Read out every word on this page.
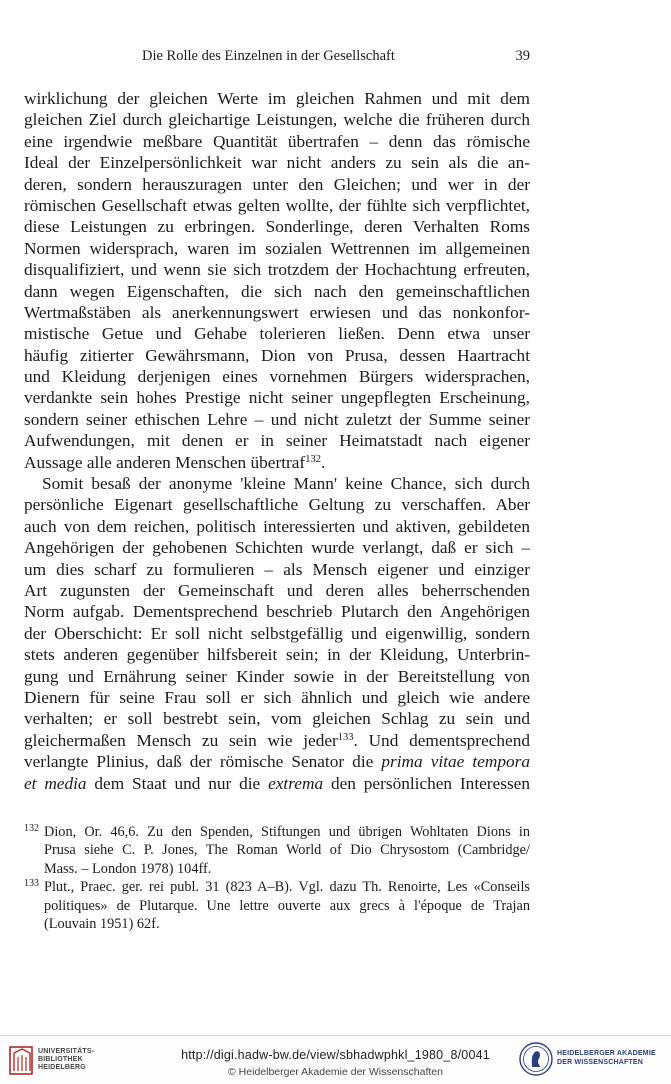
Die Rolle des Einzelnen in der Gesellschaft	39
wirklichung der gleichen Werte im gleichen Rahmen und mit dem
gleichen Ziel durch gleichartige Leistungen, welche die früheren durch
eine irgendwie meßbare Quantität übertrafen – denn das römische
Ideal der Einzelpersönlichkeit war nicht anders zu sein als die an-
deren, sondern herauszuragen unter den Gleichen; und wer in der
römischen Gesellschaft etwas gelten wollte, der fühlte sich verpflichtet,
diese Leistungen zu erbringen. Sonderlinge, deren Verhalten Roms
Normen widersprach, waren im sozialen Wettrennen im allgemeinen
disqualifiziert, und wenn sie sich trotzdem der Hochachtung erfreuten,
dann wegen Eigenschaften, die sich nach den gemeinschaftlichen
Wertmaßstäben als anerkennungswert erwiesen und das nonkonfor-
mistische Getue und Gehabe tolerieren ließen. Denn etwa unser
häufig zitierter Gewährsmann, Dion von Prusa, dessen Haartracht
und Kleidung derjenigen eines vornehmen Bürgers widersprachen,
verdankte sein hohes Prestige nicht seiner ungepflegten Erscheinung,
sondern seiner ethischen Lehre – und nicht zuletzt der Summe seiner
Aufwendungen, mit denen er in seiner Heimatstadt nach eigener
Aussage alle anderen Menschen übertraf$^{132}$.
Somit besaß der anonyme 'kleine Mann' keine Chance, sich durch
persönliche Eigenart gesellschaftliche Geltung zu verschaffen. Aber
auch von dem reichen, politisch interessierten und aktiven, gebildeten
Angehörigen der gehobenen Schichten wurde verlangt, daß er sich –
um dies scharf zu formulieren – als Mensch eigener und einziger
Art zugunsten der Gemeinschaft und deren alles beherrschenden
Norm aufgab. Dementsprechend beschrieb Plutarch den Angehörigen
der Oberschicht: Er soll nicht selbstgefällig und eigenwillig, sondern
stets anderen gegenüber hilfsbereit sein; in der Kleidung, Unterbrin-
gung und Ernährung seiner Kinder sowie in der Bereitstellung von
Dienern für seine Frau soll er sich ähnlich und gleich wie andere
verhalten; er soll bestrebt sein, vom gleichen Schlag zu sein und
gleichermaßen Mensch zu sein wie jeder$^{133}$. Und dementsprechend
verlangte Plinius, daß der römische Senator die prima vitae tempora
et media dem Staat und nur die extrema den persönlichen Interessen
132 Dion, Or. 46,6. Zu den Spenden, Stiftungen und übrigen Wohltaten Dions in
Prusa siehe C. P. Jones, The Roman World of Dio Chrysostom (Cambridge/
Mass. – London 1978) 104ff.
133 Plut., Praec. ger. rei publ. 31 (823 A–B). Vgl. dazu Th. Renoirte, Les «Conseils
politiques» de Plutarque. Une lettre ouverte aux grecs à l'époque de Trajan
(Louvain 1951) 62f.
UNIVERSITÄTS-
BIBLIOTHEK
HEIDELBERG
http://digi.hadw-bw.de/view/sbhadwphkl_1980_8/0041
© Heidelberger Akademie der Wissenschaften
HEIDELBERGER AKADEMIE
DER WISSENSCHAFTEN
